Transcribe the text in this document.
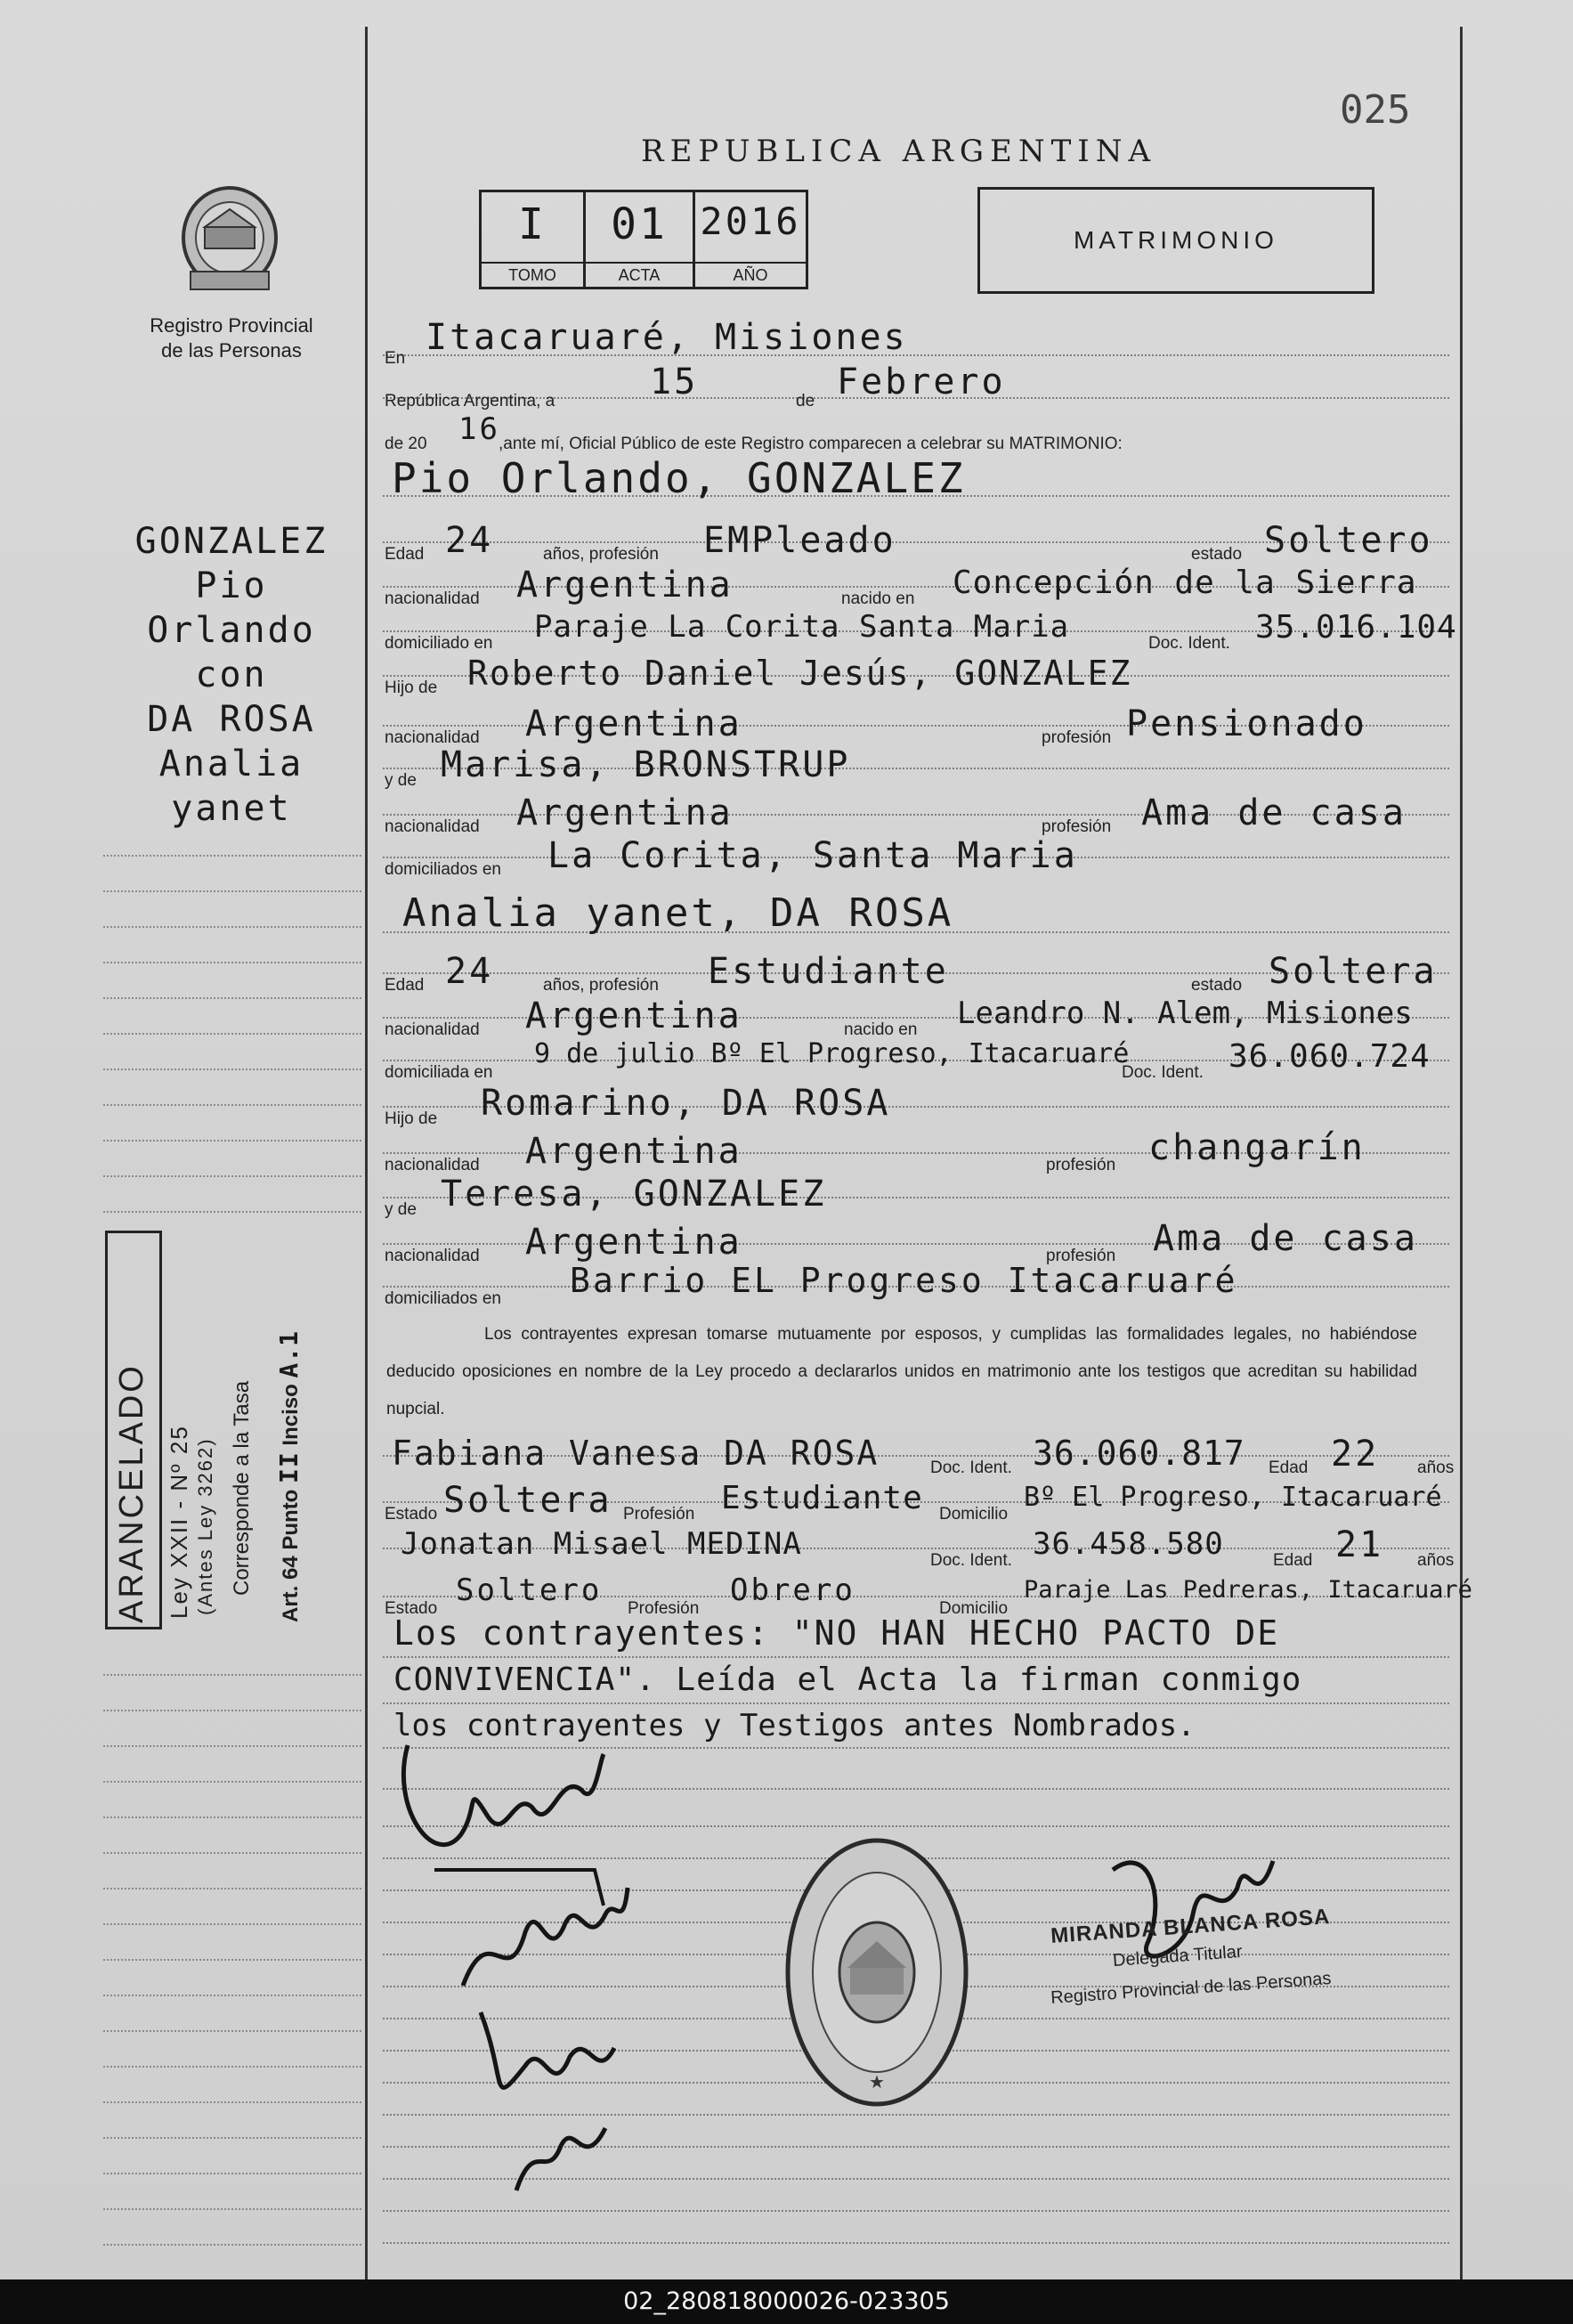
025
REPUBLICA ARGENTINA
Registro Provincial
de las Personas
I
TOMO
01
ACTA
2016
AÑO
MATRIMONIO
GONZALEZ
Pio
Orlando
con
DA ROSA
Analia
yanet
ARANCELADO Ley XXII - Nº 25 (Antes Ley 3262) Corresponde a la Tasa Art. 64 Punto II Inciso A.1
En
Itacaruaré, Misiones
República Argentina, a	15	de Febrero
de 20 16
,ante mí, Oficial Público de este Registro comparecen a celebrar su MATRIMONIO:
Pio Orlando, GONZALEZ
Edad 24	años, profesión EMPleado	estado Soltero
nacionalidad Argentina	nacido en Concepción de la Sierra
domiciliado en Paraje La Corita Santa Maria	Doc. Ident. 35.016.104
Hijo de Roberto Daniel Jesús, GONZALEZ
nacionalidad Argentina	profesión Pensionado
y de Marisa, BRONSTRUP
nacionalidad Argentina	profesión Ama de casa
domiciliados en La Corita, Santa Maria
Analia yanet, DA ROSA
Edad 24	años, profesión Estudiante	estado Soltera
nacionalidad Argentina	nacido en Leandro N. Alem, Misiones
domiciliada en
9 de julio Bº El Progreso, Itacaruaré
Doc. Ident. 36.060.724
Hijo de Romarino, DA ROSA
nacionalidad Argentina	profesión changarín
y de Teresa, GONZALEZ
nacionalidad Argentina	profesión Ama de casa
domiciliados en Barrio EL Progreso Itacaruaré
Los contrayentes expresan tomarse mutuamente por esposos, y cumplidas las formalidades legales, no habiéndose deducido oposiciones en nombre de la Ley procedo a declararlos unidos en matrimonio ante los testigos que acreditan su habilidad nupcial.
Fabiana Vanesa DA ROSA	Doc. Ident. 36.060.817 Edad 22 años
Estado Soltera Profesión Estudiante Domicilio
Bº El Progreso, Itacaruaré
Jonatan Misael MEDINA	Doc. Ident. 36.458.580	Edad 21 años
Estado
Soltero
Profesión
Obrero
Domicilio
Paraje Las Pedreras, Itacaruaré
Los contrayentes: "NO HAN HECHO PACTO DE
CONVIVENCIA". Leída el Acta la firman conmigo
los contrayentes y Testigos antes Nombrados.
★
MIRANDA BLANCA ROSA
Delegada Titular
Registro Provincial de las Personas
02_280818000026-023305
